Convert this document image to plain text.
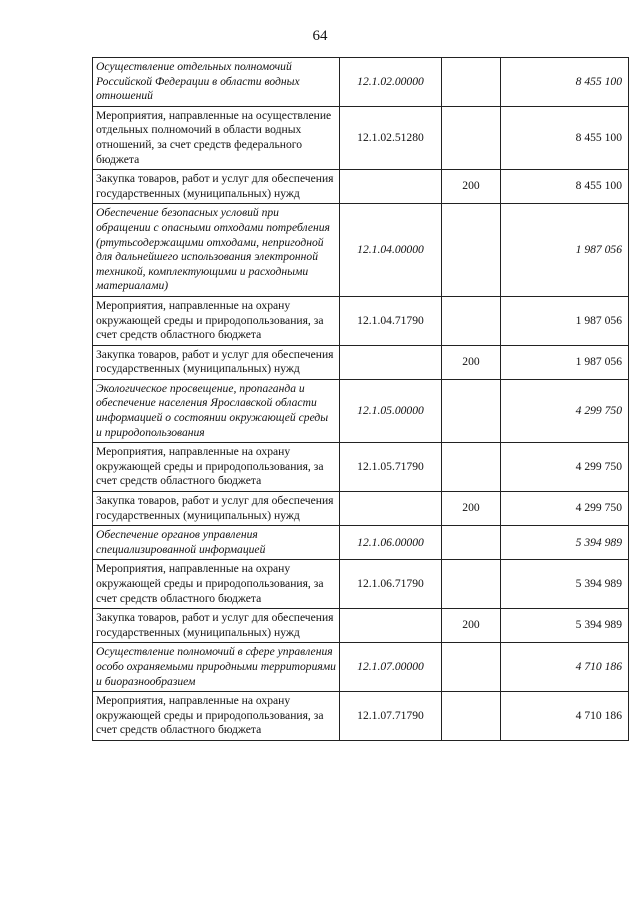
64
Осуществление отдельных полномочий Российской Федерации в области водных отношений	12.1.02.00000		8 455 100
Мероприятия, направленные на осуществление отдельных полномочий в области водных отношений, за счет средств федерального бюджета	12.1.02.51280		8 455 100
Закупка товаров, работ и услуг для обеспечения государственных (муниципальных) нужд		200	8 455 100
Обеспечение безопасных условий при обращении с опасными отходами потребления (ртутьсодержащими отходами, непригодной для дальнейшего использования электронной техникой, комплектующими и расходными материалами)	12.1.04.00000		1 987 056
Мероприятия, направленные на охрану окружающей среды и природопользования, за счет средств областного бюджета	12.1.04.71790		1 987 056
Закупка товаров, работ и услуг для обеспечения государственных (муниципальных) нужд		200	1 987 056
Экологическое просвещение, пропаганда и обеспечение населения Ярославской области информацией о состоянии окружающей среды и природопользования	12.1.05.00000		4 299 750
Мероприятия, направленные на охрану окружающей среды и природопользования, за счет средств областного бюджета	12.1.05.71790		4 299 750
Закупка товаров, работ и услуг для обеспечения государственных (муниципальных) нужд		200	4 299 750
Обеспечение органов управления специализированной информацией	12.1.06.00000		5 394 989
Мероприятия, направленные на охрану окружающей среды и природопользования, за счет средств областного бюджета	12.1.06.71790		5 394 989
Закупка товаров, работ и услуг для обеспечения государственных (муниципальных) нужд		200	5 394 989
Осуществление полномочий в сфере управления особо охраняемыми природными территориями и биоразнообразием	12.1.07.00000		4 710 186
Мероприятия, направленные на охрану окружающей среды и природопользования, за счет средств областного бюджета	12.1.07.71790		4 710 186
